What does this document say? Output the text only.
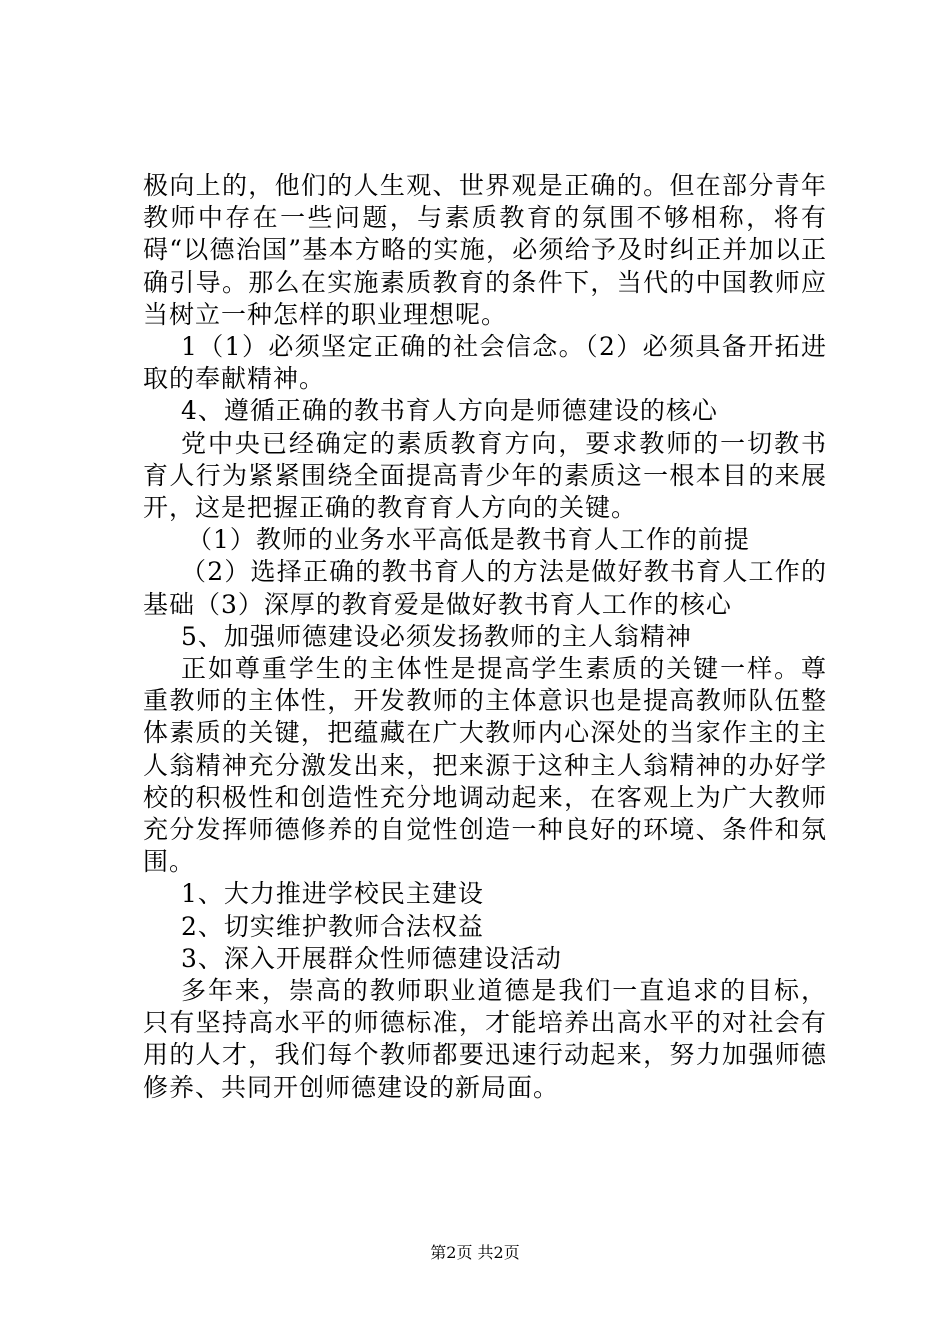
极向上的，他们的人生观、世界观是正确的。但在部分青年教师中存在一些问题，与素质教育的氛围不够相称，将有碍“以德治国”基本方略的实施，必须给予及时纠正并加以正确引导。那么在实施素质教育的条件下，当代的中国教师应当树立一种怎样的职业理想呢。

1（1）必须坚定正确的社会信念。（2）必须具备开拓进取的奉献精神。

4、遵循正确的教书育人方向是师德建设的核心

党中央已经确定的素质教育方向，要求教师的一切教书育人行为紧紧围绕全面提高青少年的素质这一根本目的来展开，这是把握正确的教育育人方向的关键。

（1）教师的业务水平高低是教书育人工作的前提

（2）选择正确的教书育人的方法是做好教书育人工作的基础（3）深厚的教育爱是做好教书育人工作的核心

5、加强师德建设必须发扬教师的主人翁精神

正如尊重学生的主体性是提高学生素质的关键一样。尊重教师的主体性，开发教师的主体意识也是提高教师队伍整体素质的关键，把蕴藏在广大教师内心深处的当家作主的主人翁精神充分激发出来，把来源于这种主人翁精神的办好学校的积极性和创造性充分地调动起来，在客观上为广大教师充分发挥师德修养的自觉性创造一种良好的环境、条件和氛围。

1、大力推进学校民主建设

2、切实维护教师合法权益

3、深入开展群众性师德建设活动

多年来，崇高的教师职业道德是我们一直追求的目标，只有坚持高水平的师德标准，才能培养出高水平的对社会有用的人才，我们每个教师都要迅速行动起来，努力加强师德修养、共同开创师德建设的新局面。

第2页 共2页
